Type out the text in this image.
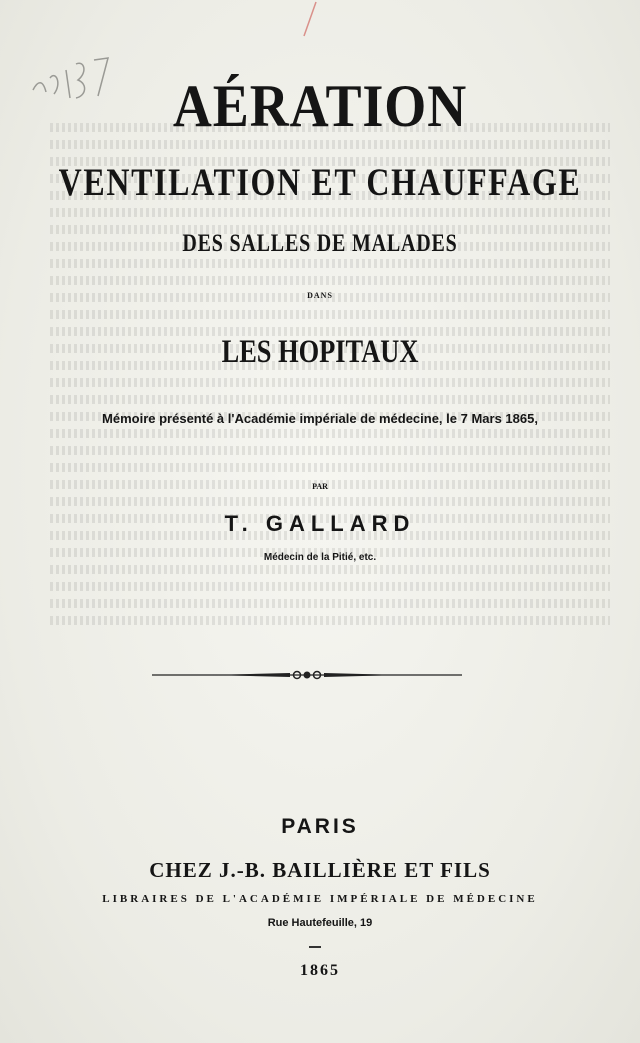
AÉRATION
VENTILATION ET CHAUFFAGE
DES SALLES DE MALADES
DANS
LES HOPITAUX
Mémoire présenté à l'Académie impériale de médecine, le 7 Mars 1865,
PAR
T. GALLARD
Médecin de la Pitié, etc.
PARIS
CHEZ J.-B. BAILLIÈRE ET FILS
LIBRAIRES DE L'ACADÉMIE IMPÉRIALE DE MÉDECINE
Rue Hautefeuille, 19
1865
